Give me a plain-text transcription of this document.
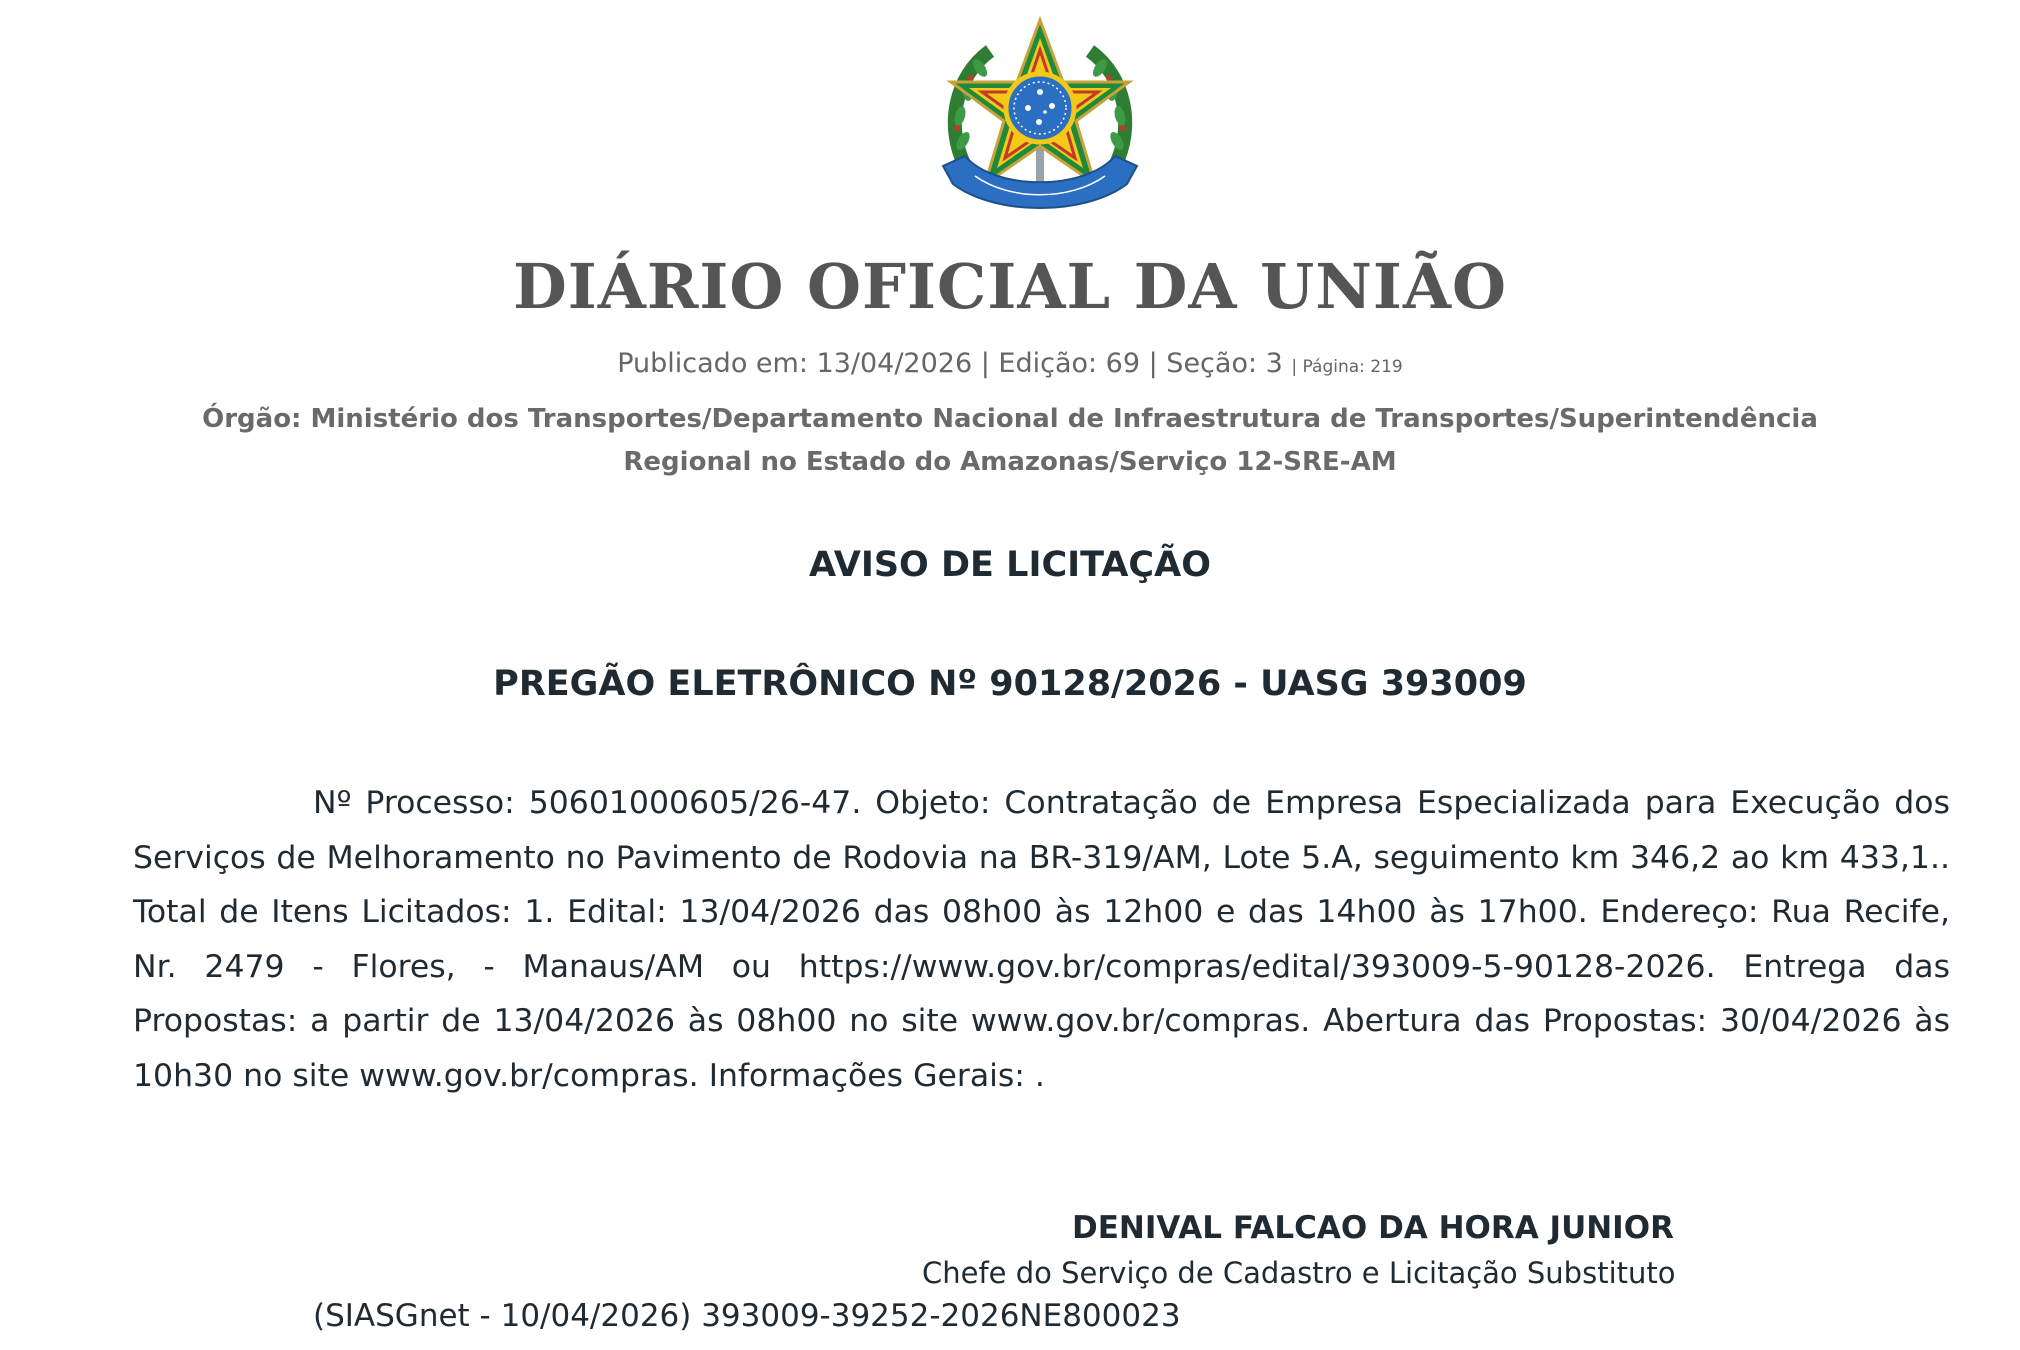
DIÁRIO OFICIAL DA UNIÃO
Publicado em: 13/04/2026 | Edição: 69 | Seção: 3 | Página: 219
Órgão: Ministério dos Transportes/Departamento Nacional de Infraestrutura de Transportes/Superintendência Regional no Estado do Amazonas/Serviço 12-SRE-AM
AVISO DE LICITAÇÃO
PREGÃO ELETRÔNICO Nº 90128/2026 - UASG 393009

Nº Processo: 50601000605/26-47. Objeto: Contratação de Empresa Especializada para Execução dos Serviços de Melhoramento no Pavimento de Rodovia na BR-319/AM, Lote 5.A, seguimento km 346,2 ao km 433,1.. Total de Itens Licitados: 1. Edital: 13/04/2026 das 08h00 às 12h00 e das 14h00 às 17h00. Endereço: Rua Recife, Nr. 2479 - Flores, - Manaus/AM ou https://www.gov.br/compras/edital/393009-5-90128-2026. Entrega das Propostas: a partir de 13/04/2026 às 08h00 no site www.gov.br/compras. Abertura das Propostas: 30/04/2026 às 10h30 no site www.gov.br/compras. Informações Gerais: .

DENIVAL FALCAO DA HORA JUNIOR
Chefe do Serviço de Cadastro e Licitação Substituto
(SIASGnet - 10/04/2026) 393009-39252-2026NE800023
